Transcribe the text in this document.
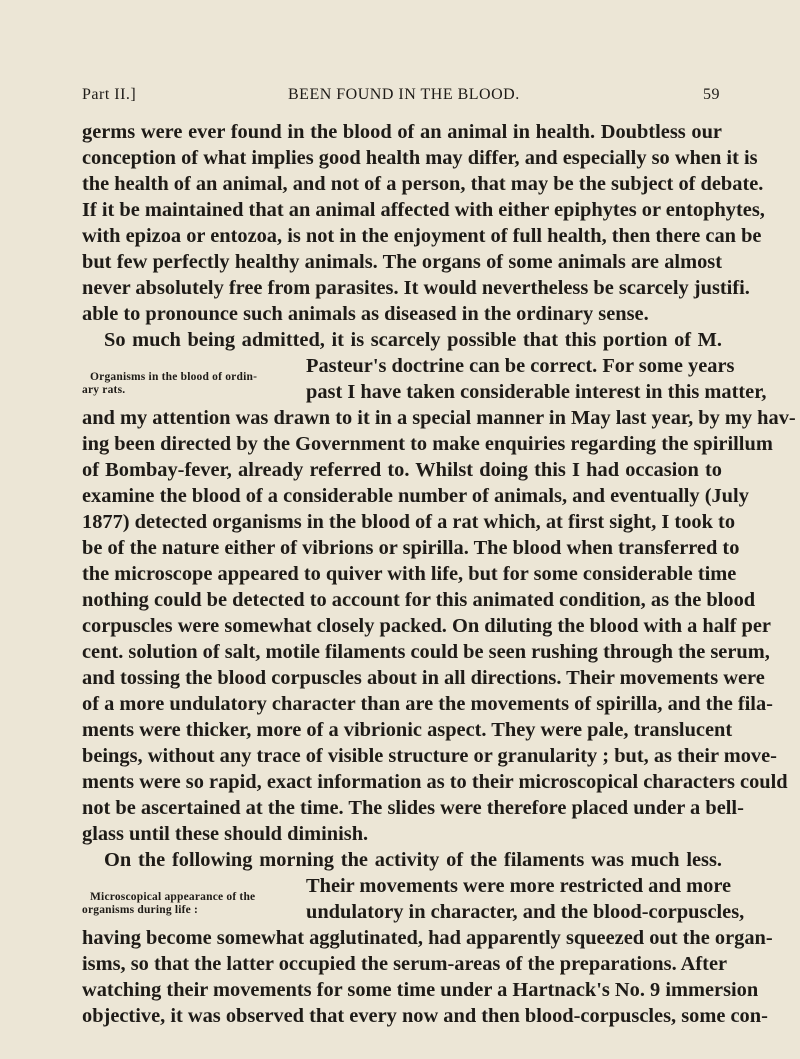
Part II.]	BEEN FOUND IN THE BLOOD.	59
germs were ever found in the blood of an animal in health. Doubtless our
conception of what implies good health may differ, and especially so when it is
the health of an animal, and not of a person, that may be the subject of debate.
If it be maintained that an animal affected with either epiphytes or entophytes,
with epizoa or entozoa, is not in the enjoyment of full health, then there can be
but few perfectly healthy animals. The organs of some animals are almost
never absolutely free from parasites. It would nevertheless be scarcely justifi.
able to pronounce such animals as diseased in the ordinary sense.
So much being admitted, it is scarcely possible that this portion of M.
Pasteur's doctrine can be correct. For some years
past I have taken considerable interest in this matter,
and my attention was drawn to it in a special manner in May last year, by my hav-
ing been directed by the Government to make enquiries regarding the spirillum
of Bombay-fever, already referred to. Whilst doing this I had occasion to
examine the blood of a considerable number of animals, and eventually (July
1877) detected organisms in the blood of a rat which, at first sight, I took to
be of the nature either of vibrions or spirilla. The blood when transferred to
the microscope appeared to quiver with life, but for some considerable time
nothing could be detected to account for this animated condition, as the blood
corpuscles were somewhat closely packed. On diluting the blood with a half per
cent. solution of salt, motile filaments could be seen rushing through the serum,
and tossing the blood corpuscles about in all directions. Their movements were
of a more undulatory character than are the movements of spirilla, and the fila-
ments were thicker, more of a vibrionic aspect. They were pale, translucent
beings, without any trace of visible structure or granularity ; but, as their move-
ments were so rapid, exact information as to their microscopical characters could
not be ascertained at the time. The slides were therefore placed under a bell-
glass until these should diminish.
On the following morning the activity of the filaments was much less.
Their movements were more restricted and more
undulatory in character, and the blood-corpuscles,
having become somewhat agglutinated, had apparently squeezed out the organ-
isms, so that the latter occupied the serum-areas of the preparations. After
watching their movements for some time under a Hartnack's No. 9 immersion
objective, it was observed that every now and then blood-corpuscles, some con-
Organisms in the blood of ordin-
ary rats.
Microscopical appearance of the
organisms during life :
